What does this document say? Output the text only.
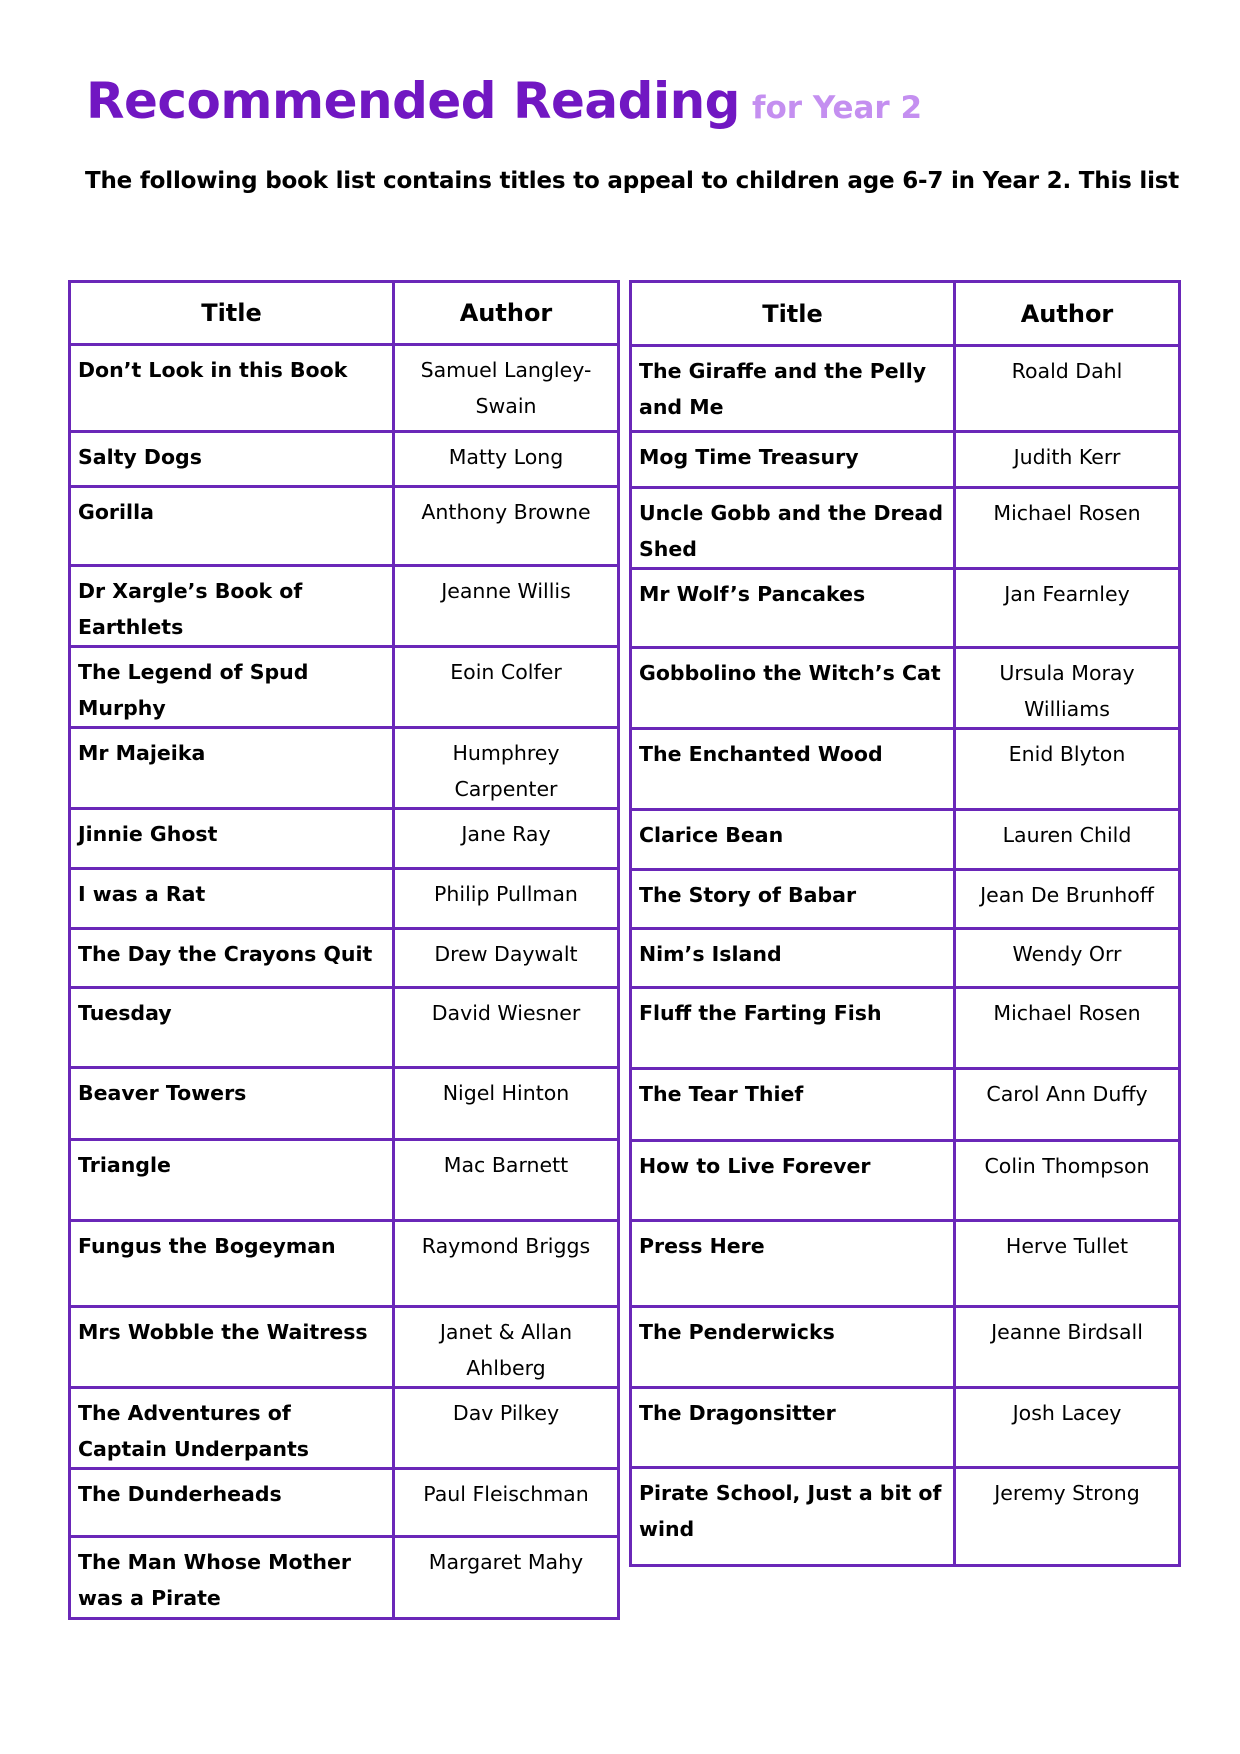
Recommended Reading for Year 2
The following book list contains titles to appeal to children age 6-7 in Year 2. This list
Title	Author
Don’t Look in this Book	Samuel Langley-Swain
Salty Dogs	Matty Long
Gorilla	Anthony Browne
Dr Xargle’s Book of Earthlets	Jeanne Willis
The Legend of Spud Murphy	Eoin Colfer
Mr Majeika	Humphrey Carpenter
Jinnie Ghost	Jane Ray
I was a Rat	Philip Pullman
The Day the Crayons Quit	Drew Daywalt
Tuesday	David Wiesner
Beaver Towers	Nigel Hinton
Triangle	Mac Barnett
Fungus the Bogeyman	Raymond Briggs
Mrs Wobble the Waitress	Janet & Allan Ahlberg
The Adventures of Captain Underpants	Dav Pilkey
The Dunderheads	Paul Fleischman
The Man Whose Mother was a Pirate	Margaret Mahy
Title	Author
The Giraffe and the Pelly and Me	Roald Dahl
Mog Time Treasury	Judith Kerr
Uncle Gobb and the Dread Shed	Michael Rosen
Mr Wolf’s Pancakes	Jan Fearnley
Gobbolino the Witch’s Cat	Ursula Moray Williams
The Enchanted Wood	Enid Blyton
Clarice Bean	Lauren Child
The Story of Babar	Jean De Brunhoff
Nim’s Island	Wendy Orr
Fluff the Farting Fish	Michael Rosen
The Tear Thief	Carol Ann Duffy
How to Live Forever	Colin Thompson
Press Here	Herve Tullet
The Penderwicks	Jeanne Birdsall
The Dragonsitter	Josh Lacey
Pirate School, Just a bit of wind	Jeremy Strong
